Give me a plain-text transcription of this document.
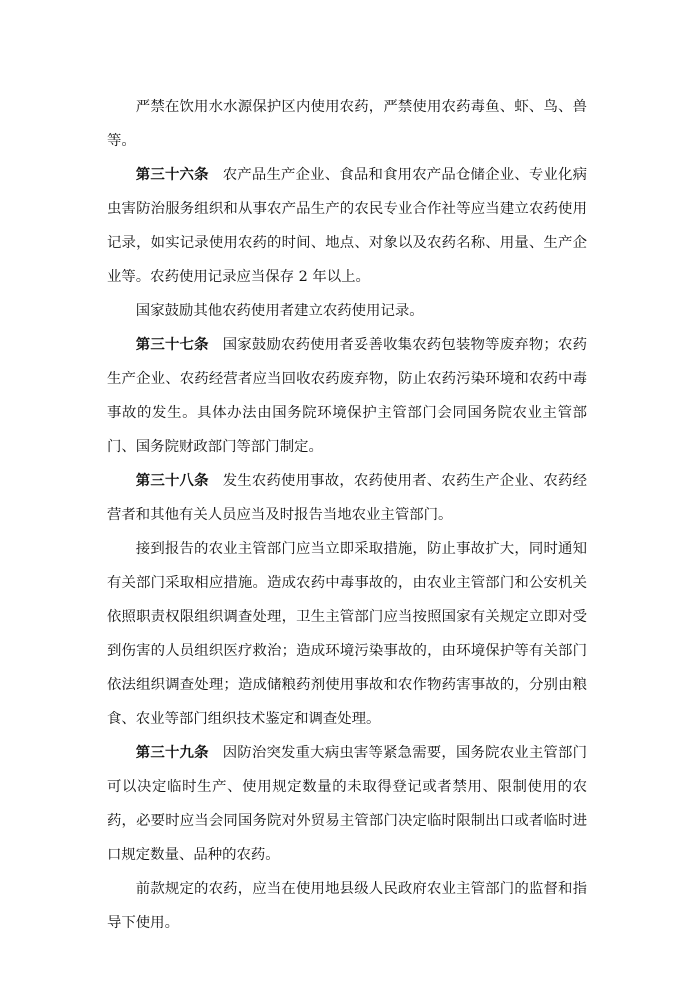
严禁在饮用水水源保护区内使用农药，严禁使用农药毒鱼、虾、鸟、兽等。

第三十六条 农产品生产企业、食品和食用农产品仓储企业、专业化病虫害防治服务组织和从事农产品生产的农民专业合作社等应当建立农药使用记录，如实记录使用农药的时间、地点、对象以及农药名称、用量、生产企业等。农药使用记录应当保存 2 年以上。

国家鼓励其他农药使用者建立农药使用记录。

第三十七条 国家鼓励农药使用者妥善收集农药包装物等废弃物；农药生产企业、农药经营者应当回收农药废弃物，防止农药污染环境和农药中毒事故的发生。具体办法由国务院环境保护主管部门会同国务院农业主管部门、国务院财政部门等部门制定。

第三十八条 发生农药使用事故，农药使用者、农药生产企业、农药经营者和其他有关人员应当及时报告当地农业主管部门。

接到报告的农业主管部门应当立即采取措施，防止事故扩大，同时通知有关部门采取相应措施。造成农药中毒事故的，由农业主管部门和公安机关依照职责权限组织调查处理，卫生主管部门应当按照国家有关规定立即对受到伤害的人员组织医疗救治；造成环境污染事故的，由环境保护等有关部门依法组织调查处理；造成储粮药剂使用事故和农作物药害事故的，分别由粮食、农业等部门组织技术鉴定和调查处理。

第三十九条 因防治突发重大病虫害等紧急需要，国务院农业主管部门可以决定临时生产、使用规定数量的未取得登记或者禁用、限制使用的农药，必要时应当会同国务院对外贸易主管部门决定临时限制出口或者临时进口规定数量、品种的农药。

前款规定的农药，应当在使用地县级人民政府农业主管部门的监督和指导下使用。
